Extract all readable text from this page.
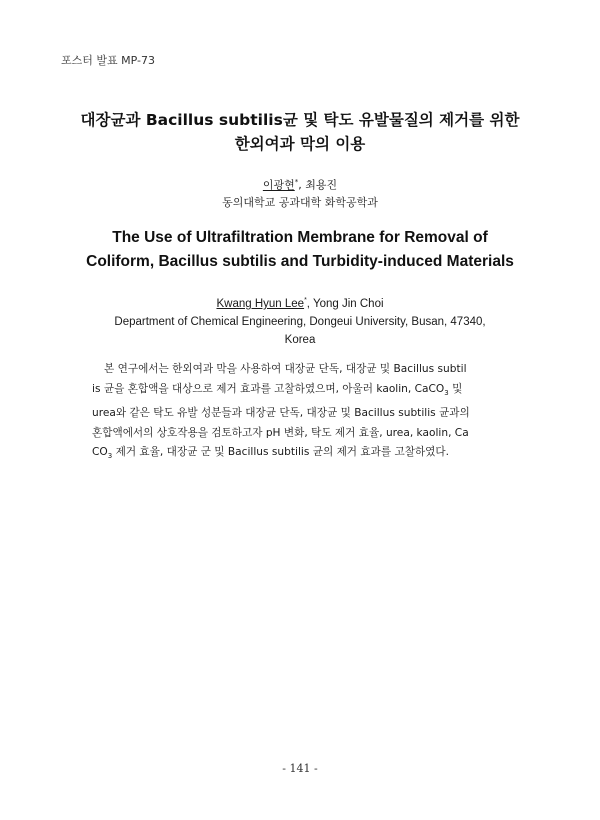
포스터 발표 MP-73
대장균과 Bacillus subtilis균 및 탁도 유발물질의 제거를 위한
한외여과 막의 이용
이광현*, 최용진
동의대학교 공과대학 화학공학과
The Use of Ultrafiltration Membrane for Removal of
Coliform, Bacillus subtilis and Turbidity-induced Materials
Kwang Hyun Lee*, Yong Jin Choi
Department of Chemical Engineering, Dongeui University, Busan, 47340,
Korea
본 연구에서는 한외여과 막을 사용하여 대장균 단독, 대장균 및 Bacillus subtil
is 균을 혼합액을 대상으로 제거 효과를 고찰하였으며, 아울러 kaolin, CaCO$_3$ 및
urea와 같은 탁도 유발 성분들과 대장균 단독, 대장균 및 Bacillus subtilis 균과의
혼합액에서의 상호작용을 검토하고자 pH 변화, 탁도 제거 효율, urea, kaolin, Ca
$CO_3$ 제거 효율, 대장균 군 및 Bacillus subtilis 균의 제거 효과를 고찰하였다.
- 141 -
